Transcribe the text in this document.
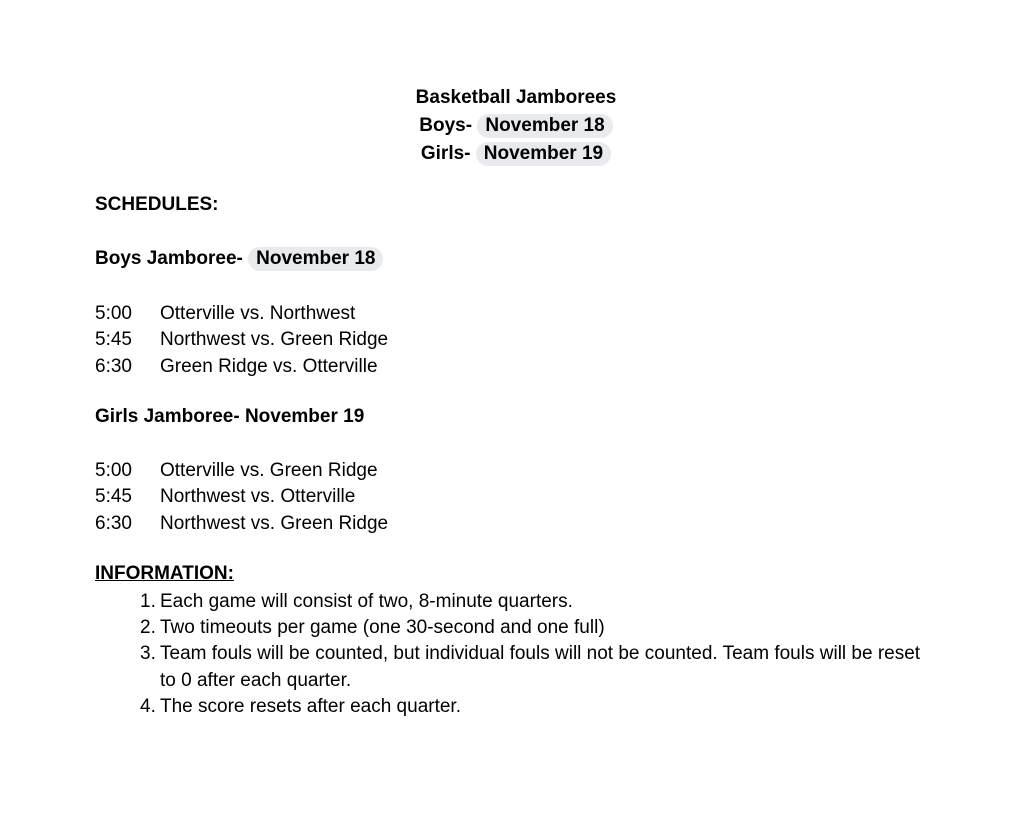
Basketball Jamborees
Boys- November 18
Girls- November 19
SCHEDULES:
Boys Jamboree- November 18
5:00	Otterville vs. Northwest
5:45	Northwest vs. Green Ridge
6:30	Green Ridge vs. Otterville
Girls Jamboree- November 19
5:00	Otterville vs. Green Ridge
5:45	Northwest vs. Otterville
6:30	Northwest vs. Green Ridge
INFORMATION:
1. Each game will consist of two, 8-minute quarters.
2. Two timeouts per game (one 30-second and one full)
3. Team fouls will be counted, but individual fouls will not be counted. Team fouls will be reset to 0 after each quarter.
4. The score resets after each quarter.
